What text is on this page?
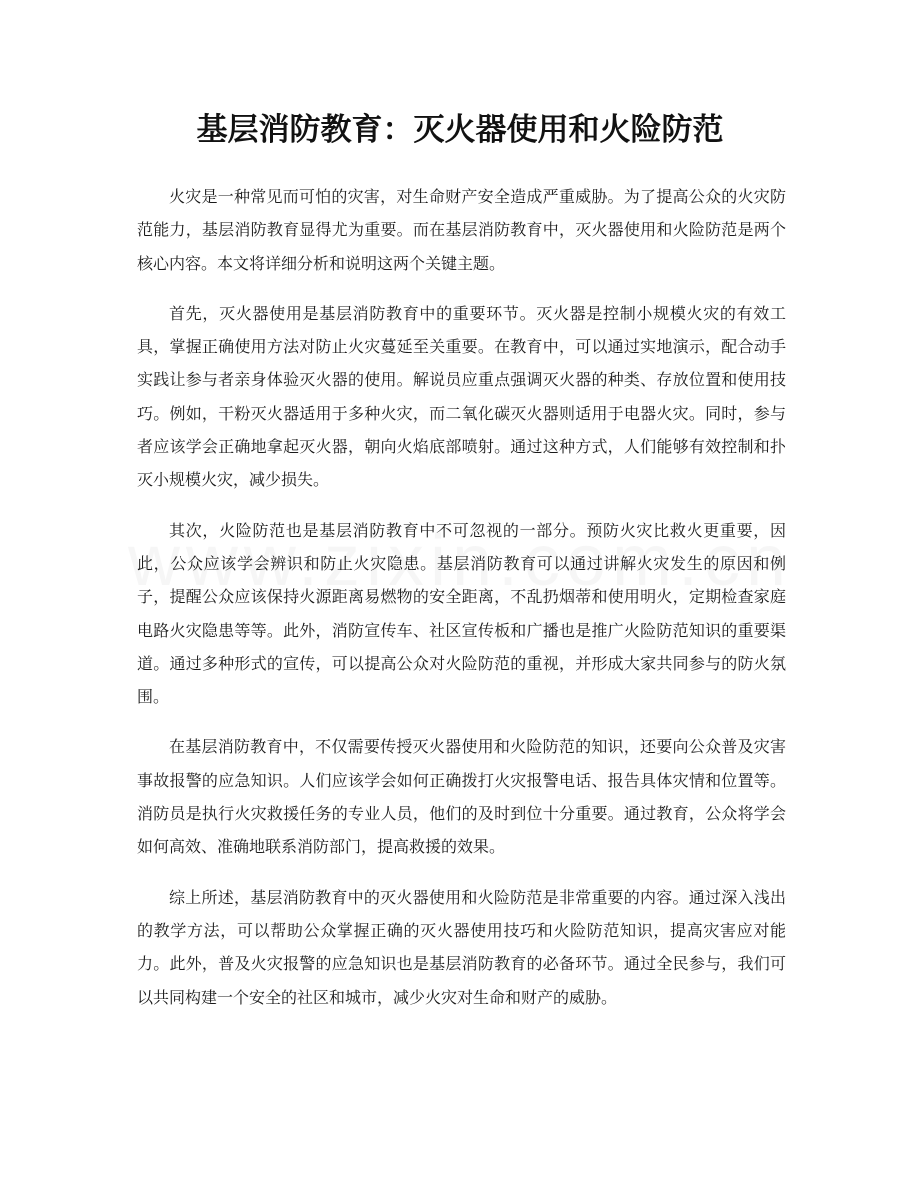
基层消防教育：灭火器使用和火险防范

火灾是一种常见而可怕的灾害，对生命财产安全造成严重威胁。为了提高公众的火灾防范能力，基层消防教育显得尤为重要。而在基层消防教育中，灭火器使用和火险防范是两个核心内容。本文将详细分析和说明这两个关键主题。

首先，灭火器使用是基层消防教育中的重要环节。灭火器是控制小规模火灾的有效工具，掌握正确使用方法对防止火灾蔓延至关重要。在教育中，可以通过实地演示，配合动手实践让参与者亲身体验灭火器的使用。解说员应重点强调灭火器的种类、存放位置和使用技巧。例如，干粉灭火器适用于多种火灾，而二氧化碳灭火器则适用于电器火灾。同时，参与者应该学会正确地拿起灭火器，朝向火焰底部喷射。通过这种方式，人们能够有效控制和扑灭小规模火灾，减少损失。

其次，火险防范也是基层消防教育中不可忽视的一部分。预防火灾比救火更重要，因此，公众应该学会辨识和防止火灾隐患。基层消防教育可以通过讲解火灾发生的原因和例子，提醒公众应该保持火源距离易燃物的安全距离，不乱扔烟蒂和使用明火，定期检查家庭电路火灾隐患等等。此外，消防宣传车、社区宣传板和广播也是推广火险防范知识的重要渠道。通过多种形式的宣传，可以提高公众对火险防范的重视，并形成大家共同参与的防火氛围。

在基层消防教育中，不仅需要传授灭火器使用和火险防范的知识，还要向公众普及灾害事故报警的应急知识。人们应该学会如何正确拨打火灾报警电话、报告具体灾情和位置等。消防员是执行火灾救援任务的专业人员，他们的及时到位十分重要。通过教育，公众将学会如何高效、准确地联系消防部门，提高救援的效果。

综上所述，基层消防教育中的灭火器使用和火险防范是非常重要的内容。通过深入浅出的教学方法，可以帮助公众掌握正确的灭火器使用技巧和火险防范知识，提高灾害应对能力。此外，普及火灾报警的应急知识也是基层消防教育的必备环节。通过全民参与，我们可以共同构建一个安全的社区和城市，减少火灾对生命和财产的威胁。
